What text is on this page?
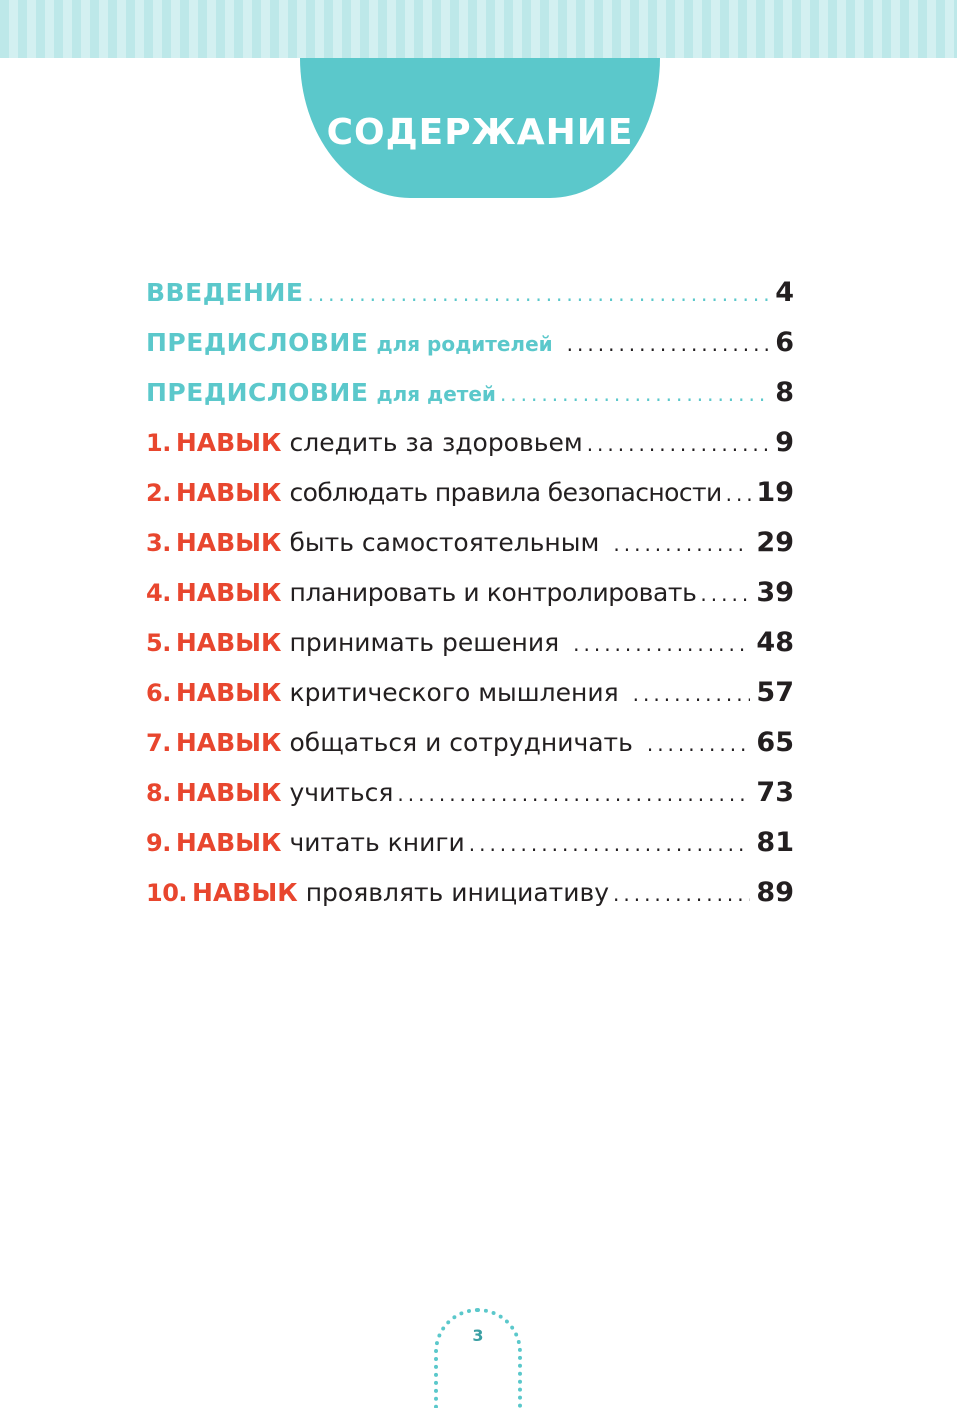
СОДЕРЖАНИЕ
ВВЕДЕНИЕ .....	4
ПРЕДИСЛОВИЕ для родителей .....	6
ПРЕДИСЛОВИЕ для детей .....	8
1. НАВЫК следить за здоровьем .....	9
2. НАВЫК соблюдать правила безопасности ..... 19
3. НАВЫК быть самостоятельным .....	29
4. НАВЫК планировать и контролировать ..... 39
5. НАВЫК принимать решения .....	48
6. НАВЫК критического мышления .....	57
7. НАВЫК общаться и сотрудничать .....	65
8. НАВЫК учиться .....	73
9. НАВЫК читать книги .....	81
10. НАВЫК проявлять инициативу .....	89
3
